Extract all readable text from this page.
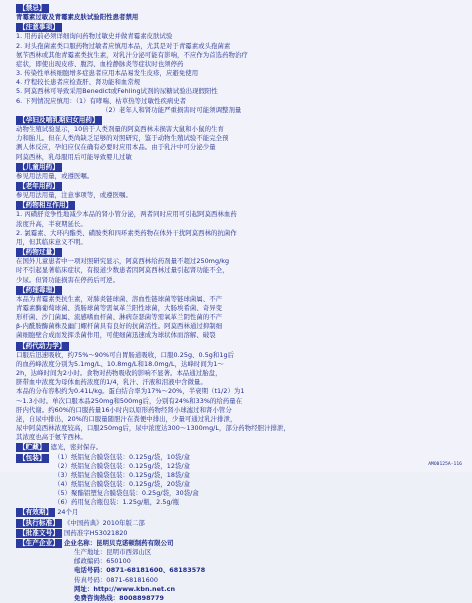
【禁忌】
青霉素过敏及青霉素皮肤试验阳性患者禁用
【注意事项】
1. 用药前必须详细询问药物过敏史并做青霉素皮肤试验
2. 对头孢菌素类口服药物过敏者应慎用本品，尤其是对于青霉素或头孢菌素
氨苄西林或其他青霉素类抗生素，对乳汁分泌可能有影响，不应作为首选药物治疗
症状，即使出现皮疹、腹泻、血栓静脉炎等症状时也须停药
3. 传染性单核细胞增多症患者应用本品易发生皮疹，应避免使用
4. 疗程较长患者应检查肝、肾功能和血常规
5. 阿莫西林可导致采用Benedict或Fehling试剂的尿糖试验出现假阳性
6. 下列情况应慎用：（1）有哮喘、枯草热等过敏性疾病史者
（2）老年人和肾功能严重损害时可能须调整剂量
【孕妇及哺乳期妇女用药】
动物生殖试验显示，10倍于人类剂量的阿莫西林未损害大鼠和小鼠的生育
力和胎儿。但在人类尚缺乏足够的对照研究，鉴于动物生殖试验不能完全预
测人体反应，孕妇应仅在确有必要时应用本品。由于乳汁中可分泌少量
阿莫西林，乳母服用后可能导致婴儿过敏
【儿童用药】
参见用法用量，或遵医嘱。
【老年用药】
参见用法用量，注意事项等，或遵医嘱。
【药物相互作用】
1. 丙磺舒竞争性地减少本品的肾小管分泌，两者同时应用可引起阿莫西林血药
浓度升高，半衰期延长。
2. 氯霉素、大环内酯类、磺胺类和四环素类药物在体外干扰阿莫西林的抗菌作
用，但其临床意义不明。
【药物过量】
在国外儿童患者中一项对照研究显示，阿莫西林给药剂量不超过250mg/kg
时不引起显著临床症状，有报道少数患者因阿莫西林过量引起肾功能不全，
少尿。但肾功能损害在停药后可逆。
【药理毒理】
本品为青霉素类抗生素，对肺炎链球菌、溶血性链球菌等链球菌属、不产
青霉素酶葡萄球菌、粪肠球菌等需氧革兰阳性球菌，大肠埃希菌、奇异变
形杆菌、沙门菌属、流感嗜血杆菌、淋病奈瑟菌等需氧革兰阴性菌的不产
β-内酰胺酶菌株及幽门螺杆菌具有良好的抗菌活性。阿莫西林通过抑制细
菌细胞壁合成而发挥杀菌作用，可使细菌迅速成为球状体而溶解、破裂
【药代动力学】
口服后迅速吸收，约75%～90%可自胃肠道吸收，口服0.25g、0.5g和1g后
的血药峰浓度分别为5.1mg/L、10.8mg/L和18.0mg/L，达峰时间为1～
2h，达峰时间为2小时。食物对药物吸收的影响不显著。本品通过胎盘，
脐带血中浓度为母体血药浓度的1/4，乳汁、汗液和泪液中含微量。
本品的分布容积约为0.41L/kg。蛋白结合率为17%～20%，半衰期（t1/2）为1
～1.3小时。单次口服本品250mg和500mg后，分别有24%和33%的给药量在
肝内代谢。约60%的口服药量16小时内以原形药物经肾小球滤过和肾小管分
泌，自尿中排出，20%的口服量随胆汁在粪便中排出，少量可通过乳汁排泄，
尿中阿莫西林浓度较高，口服250mg后，尿中浓度达300～1300mg/L，部分药物经胆汁排泄，
其浓度也高于氨苄西林。
【贮藏】 遮光，密封保存。
【包装】	（1）纸铝复合膜袋包装：0.125g/袋，10袋/盒
（2）纸铝复合膜袋包装：0.125g/袋，12袋/盒
（3）纸铝复合膜袋包装：0.125g/袋，18袋/盒
（4）纸铝复合膜袋包装：0.125g/袋，20袋/盒
（5）聚酯铝塑复合膜袋包装：0.25g/袋，30袋/盒
（6）药用复合瓶包装：1.25g/瓶，2.5g/瓶
【有效期】 24个月
【执行标准】 《中国药典》2010年版二部
【批准文号】 国药准字H53021820
【生产企业】 企业名称：昆明贝克诺顿制药有限公司
生产地址：昆明市西郊山区
邮政编码：650100
电话号码：0871-68181600、68183578
传真号码：0871-68181600
网址：http://www.kbn.net.cn
免费咨询热线：8008898779
AMO0125A-116
